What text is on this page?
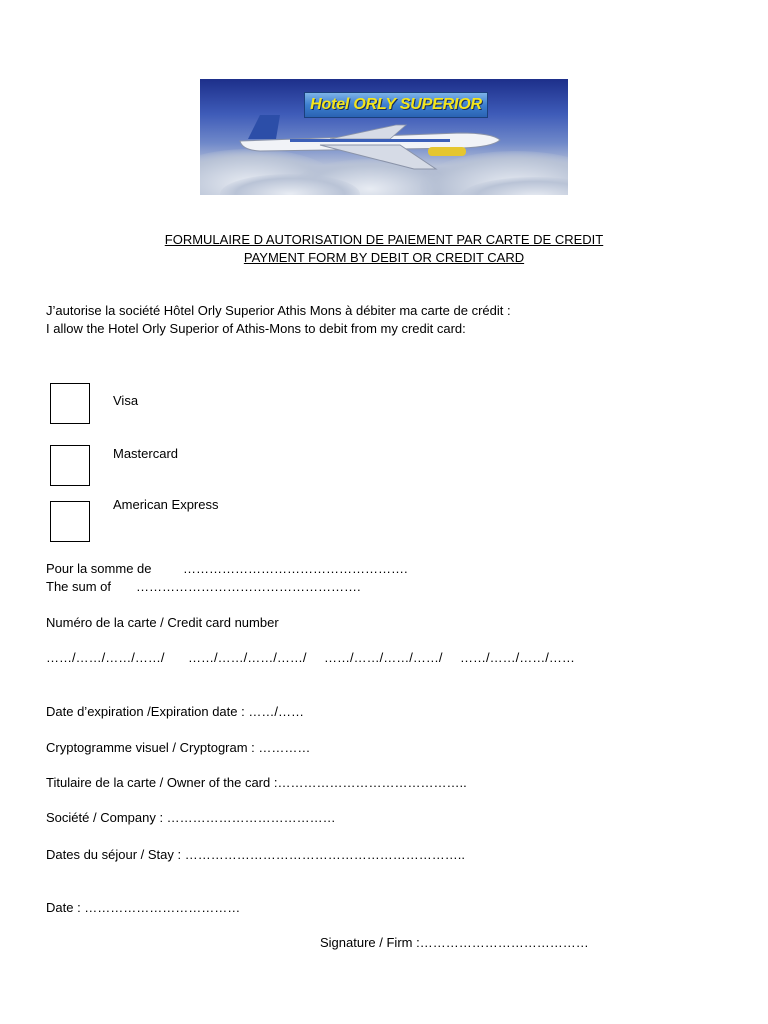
Hotel ORLY SUPERIOR
FORMULAIRE D AUTORISATION DE PAIEMENT PAR CARTE DE CREDIT
PAYMENT FORM BY DEBIT OR CREDIT CARD
J’autorise la société Hôtel Orly Superior Athis Mons à débiter ma carte de crédit :
I allow the Hotel Orly Superior of Athis-Mons to debit from my credit card:
Visa
Mastercard
American Express
Pour la somme de …………………………………………….
The sum of …………………………………………….
Numéro de la carte / Credit card number
……/……/……/……/ ……/……/……/……/ ……/……/……/……/ ……/……/……/……
Date d’expiration /Expiration date : ……/……
Cryptogramme visuel / Cryptogram : …………
Titulaire de la carte / Owner of the card :……………………………………..
Société / Company : …………………………………
Dates du séjour / Stay : ………………………………………………………..
Date : ………………………………
Signature / Firm :…………………………………
